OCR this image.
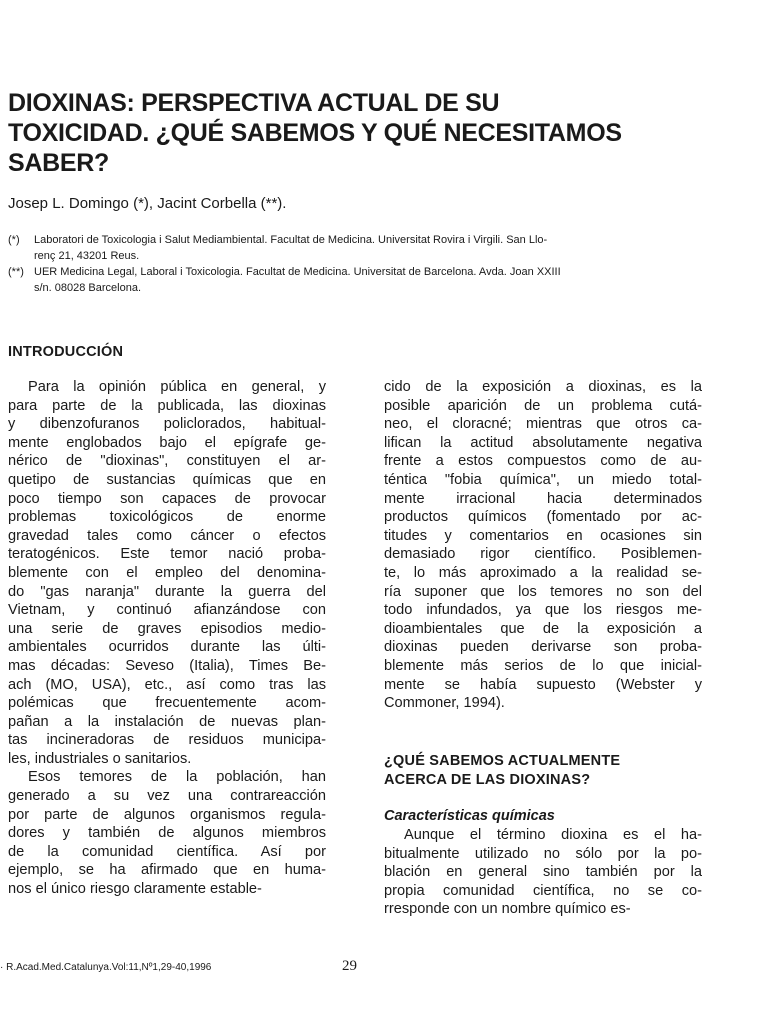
DIOXINAS: PERSPECTIVA ACTUAL DE SU
TOXICIDAD. ¿QUÉ SABEMOS Y QUÉ NECESITAMOS
SABER?
Josep L. Domingo (*), Jacint Corbella (**).
(*)	Laboratori de Toxicologia i Salut Mediambiental. Facultat de Medicina. Universitat Rovira i Virgili. San Llo-
renç 21, 43201 Reus.
(**) UER Medicina Legal, Laboral i Toxicologia. Facultat de Medicina. Universitat de Barcelona. Avda. Joan XXIII
s/n. 08028 Barcelona.
INTRODUCCIÓN
Para la opinión pública en general, y
para parte de la publicada, las dioxinas
y dibenzofuranos policlorados, habitual-
mente englobados bajo el epígrafe ge-
nérico de "dioxinas", constituyen el ar-
quetipo de sustancias químicas que en
poco tiempo son capaces de provocar
problemas toxicológicos de enorme
gravedad tales como cáncer o efectos
teratogénicos. Este temor nació proba-
blemente con el empleo del denomina-
do "gas naranja" durante la guerra del
Vietnam, y continuó afianzándose con
una serie de graves episodios medio-
ambientales ocurridos durante las últi-
mas décadas: Seveso (Italia), Times Be-
ach (MO, USA), etc., así como tras las
polémicas que frecuentemente acom-
pañan a la instalación de nuevas plan-
tas incineradoras de residuos municipa-
les, industriales o sanitarios.
Esos temores de la población, han
generado a su vez una contrareacción
por parte de algunos organismos regula-
dores y también de algunos miembros
de la comunidad científica. Así por
ejemplo, se ha afirmado que en huma-
nos el único riesgo claramente estable-
cido de la exposición a dioxinas, es la
posible aparición de un problema cutá-
neo, el cloracné; mientras que otros ca-
lifican la actitud absolutamente negativa
frente a estos compuestos como de au-
téntica "fobia química", un miedo total-
mente irracional hacia determinados
productos químicos (fomentado por ac-
titudes y comentarios en ocasiones sin
demasiado rigor científico. Posiblemen-
te, lo más aproximado a la realidad se-
ría suponer que los temores no son del
todo infundados, ya que los riesgos me-
dioambientales que de la exposición a
dioxinas pueden derivarse son proba-
blemente más serios de lo que inicial-
mente se había supuesto (Webster y
Commoner, 1994).
¿QUÉ SABEMOS ACTUALMENTE
ACERCA DE LAS DIOXINAS?
Características químicas
Aunque el término dioxina es el ha-
bitualmente utilizado no sólo por la po-
blación en general sino también por la
propia comunidad científica, no se co-
rresponde con un nombre químico es-
· R.Acad.Med.Catalunya.Vol:11,Nº1,29-40,1996	29
